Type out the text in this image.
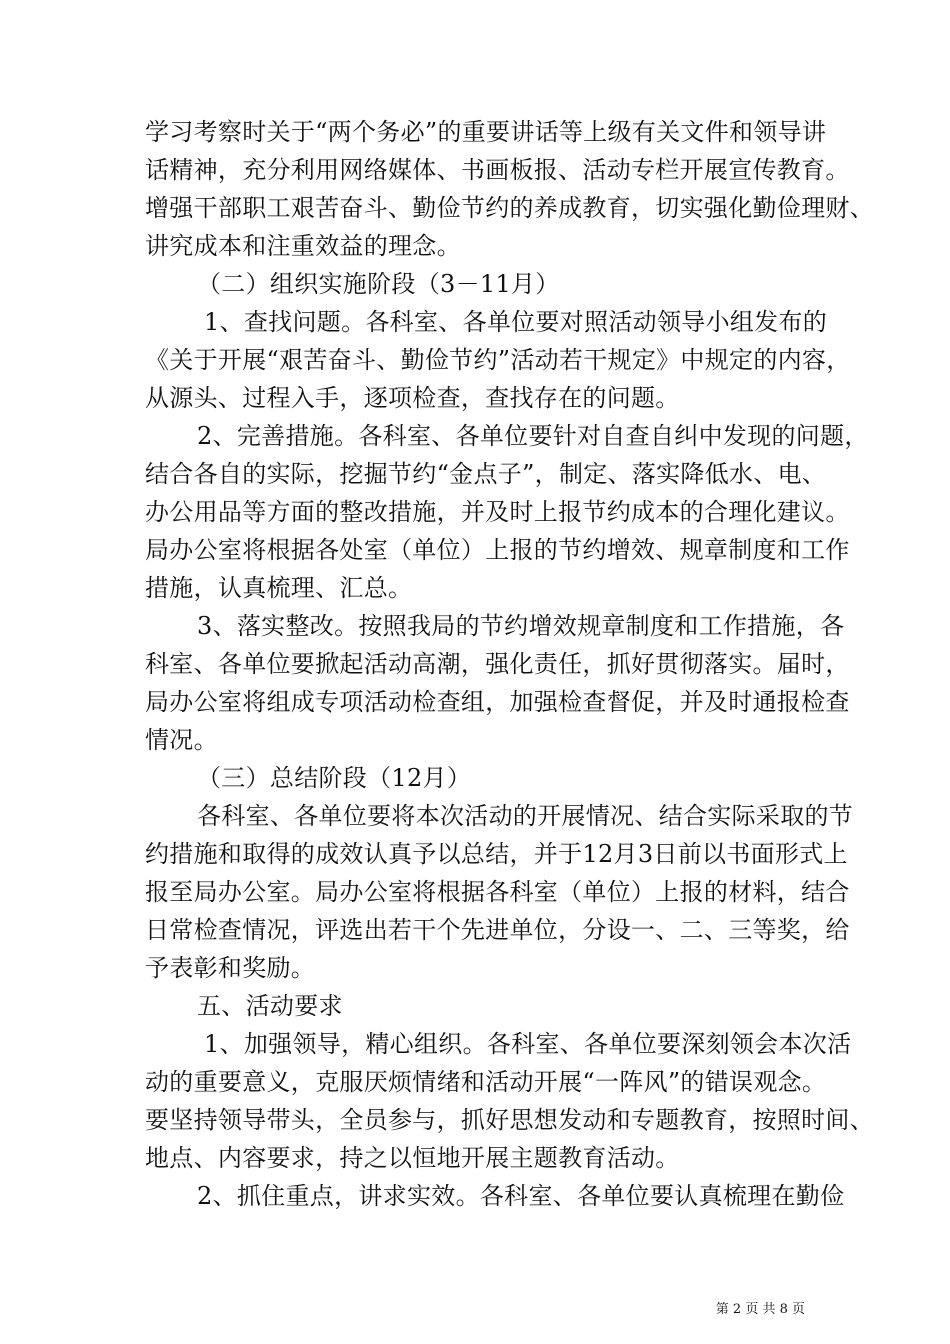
学习考察时关于“两个务必”的重要讲话等上级有关文件和领导讲
话精神，充分利用网络媒体、书画板报、活动专栏开展宣传教育。
增强干部职工艰苦奋斗、勤俭节约的养成教育，切实强化勤俭理财、
讲究成本和注重效益的理念。
（二）组织实施阶段（3－11月）
1、查找问题。各科室、各单位要对照活动领导小组发布的
《关于开展“艰苦奋斗、勤俭节约”活动若干规定》中规定的内容，
从源头、过程入手，逐项检查，查找存在的问题。
2、完善措施。各科室、各单位要针对自查自纠中发现的问题，
结合各自的实际，挖掘节约“金点子”，制定、落实降低水、电、
办公用品等方面的整改措施，并及时上报节约成本的合理化建议。
局办公室将根据各处室（单位）上报的节约增效、规章制度和工作
措施，认真梳理、汇总。
3、落实整改。按照我局的节约增效规章制度和工作措施，各
科室、各单位要掀起活动高潮，强化责任，抓好贯彻落实。届时，
局办公室将组成专项活动检查组，加强检查督促，并及时通报检查
情况。
（三）总结阶段（12月）
各科室、各单位要将本次活动的开展情况、结合实际采取的节
约措施和取得的成效认真予以总结，并于12月3日前以书面形式上
报至局办公室。局办公室将根据各科室（单位）上报的材料，结合
日常检查情况，评选出若干个先进单位，分设一、二、三等奖，给
予表彰和奖励。
五、活动要求
1、加强领导，精心组织。各科室、各单位要深刻领会本次活
动的重要意义，克服厌烦情绪和活动开展“一阵风”的错误观念。
要坚持领导带头，全员参与，抓好思想发动和专题教育，按照时间、
地点、内容要求，持之以恒地开展主题教育活动。
2、抓住重点，讲求实效。各科室、各单位要认真梳理在勤俭
第 2 页 共 8 页
